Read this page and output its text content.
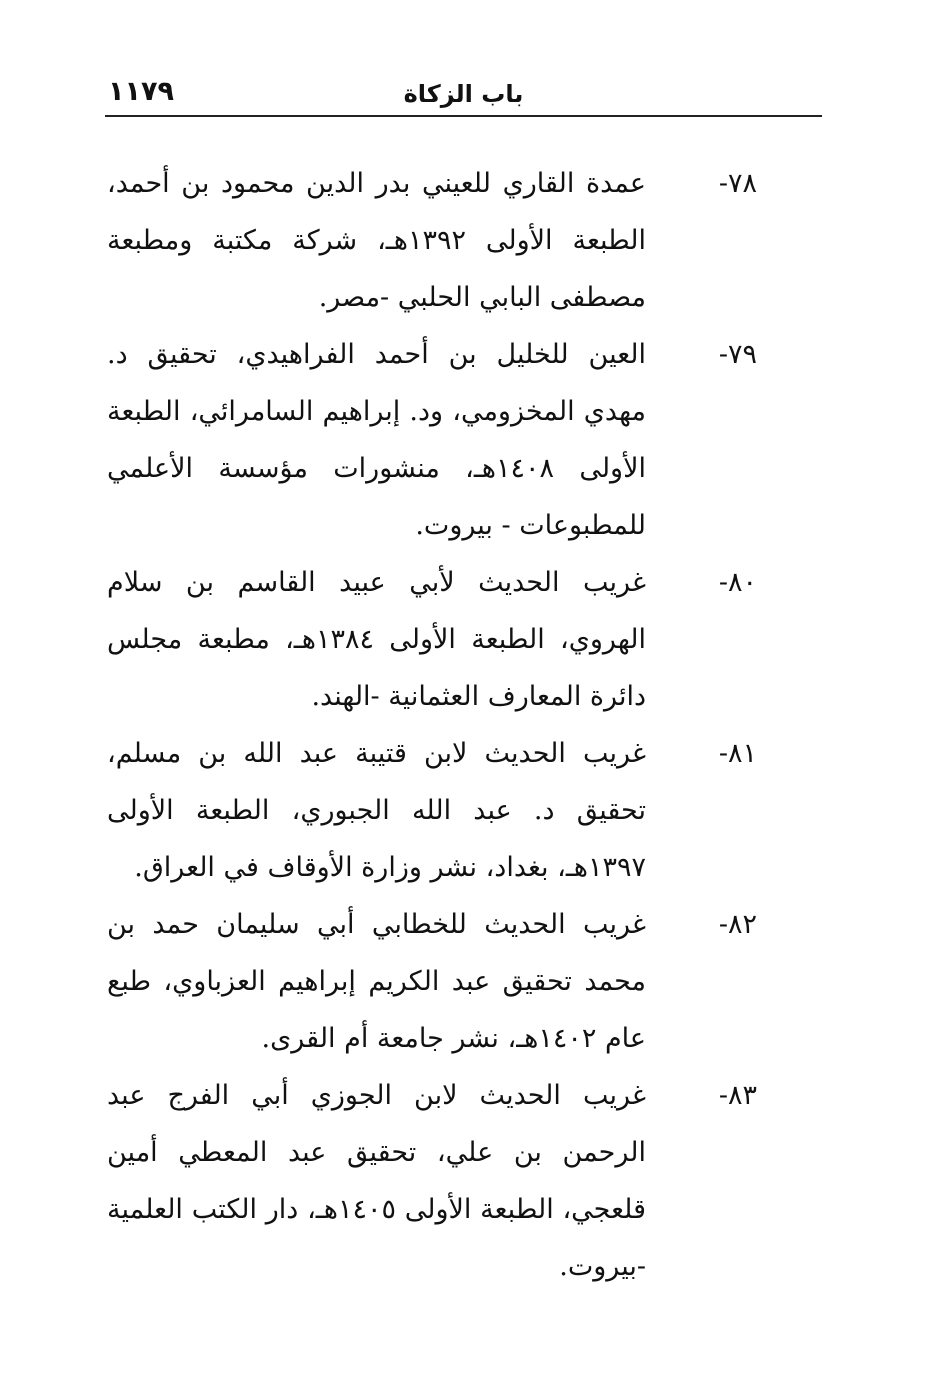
١١٧٩	باب الزكاة
٧٨-
عمدة القاري للعيني بدر الدين محمود بن أحمد، الطبعة الأولى ١٣٩٢هـ، شركة مكتبة ومطبعة مصطفى البابي الحلبي -مصر.
٧٩-
العين للخليل بن أحمد الفراهيدي، تحقيق د. مهدي المخزومي، ود. إبراهيم السامرائي، الطبعة الأولى ١٤٠٨هـ، منشورات مؤسسة الأعلمي للمطبوعات - بيروت.
٨٠-
غريب الحديث لأبي عبيد القاسم بن سلام الهروي، الطبعة الأولى ١٣٨٤هـ، مطبعة مجلس دائرة المعارف العثمانية -الهند.
٨١-
غريب الحديث لابن قتيبة عبد الله بن مسلم، تحقيق د. عبد الله الجبوري، الطبعة الأولى ١٣٩٧هـ، بغداد، نشر وزارة الأوقاف في العراق.
٨٢-
غريب الحديث للخطابي أبي سليمان حمد بن محمد تحقيق عبد الكريم إبراهيم العزباوي، طبع عام ١٤٠٢هـ، نشر جامعة أم القرى.
٨٣-
غريب الحديث لابن الجوزي أبي الفرج عبد الرحمن بن علي، تحقيق عبد المعطي أمين قلعجي، الطبعة الأولى ١٤٠٥هـ، دار الكتب العلمية -بيروت.
